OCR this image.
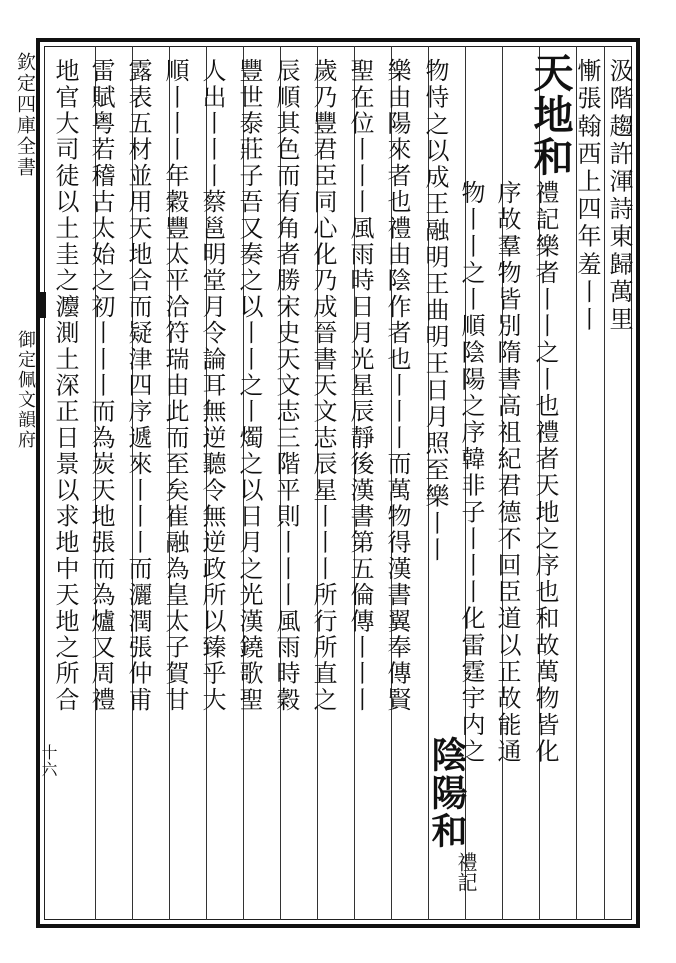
欽定四庫全書
御定佩文韻府
十六
汲階趨許渾詩東歸萬里
慚張翰西上四年羞丨丨
天地和
禮記樂者丨丨之丨也禮者天地之序也和故萬物皆化
序故羣物皆別隋書高祖紀君德不回臣道以正故能通
物丨丨之丨順陰陽之序韓非子丨丨丨化雷霆宇内之
物恃之以成王融明王曲明王日月照至樂丨丨
陰陽和
禮記
樂由陽來者也禮由陰作者也丨丨丨而萬物得漢書翼奉傳賢
聖在位丨丨丨風雨時日月光星辰靜後漢書第五倫傳丨丨丨
歲乃豐君臣同心化乃成晉書天文志辰星丨丨丨所行所直之
辰順其色而有角者勝宋史天文志三階平則丨丨丨風雨時穀
豐世泰莊子吾又奏之以丨丨之丨燭之以日月之光漢鐃歌聖
人出丨丨丨蔡邕明堂月令論耳無逆聽令無逆政所以臻乎大
順丨丨丨年穀豐太平洽符瑞由此而至矣崔融為皇太子賀甘
露表五材並用天地合而疑津四序遞來丨丨丨而灑潤張仲甫
雷賦粤若稽古太始之初丨丨丨而為炭天地張而為爐又周禮
地官大司徒以土圭之灋測土深正日景以求地中天地之所合
